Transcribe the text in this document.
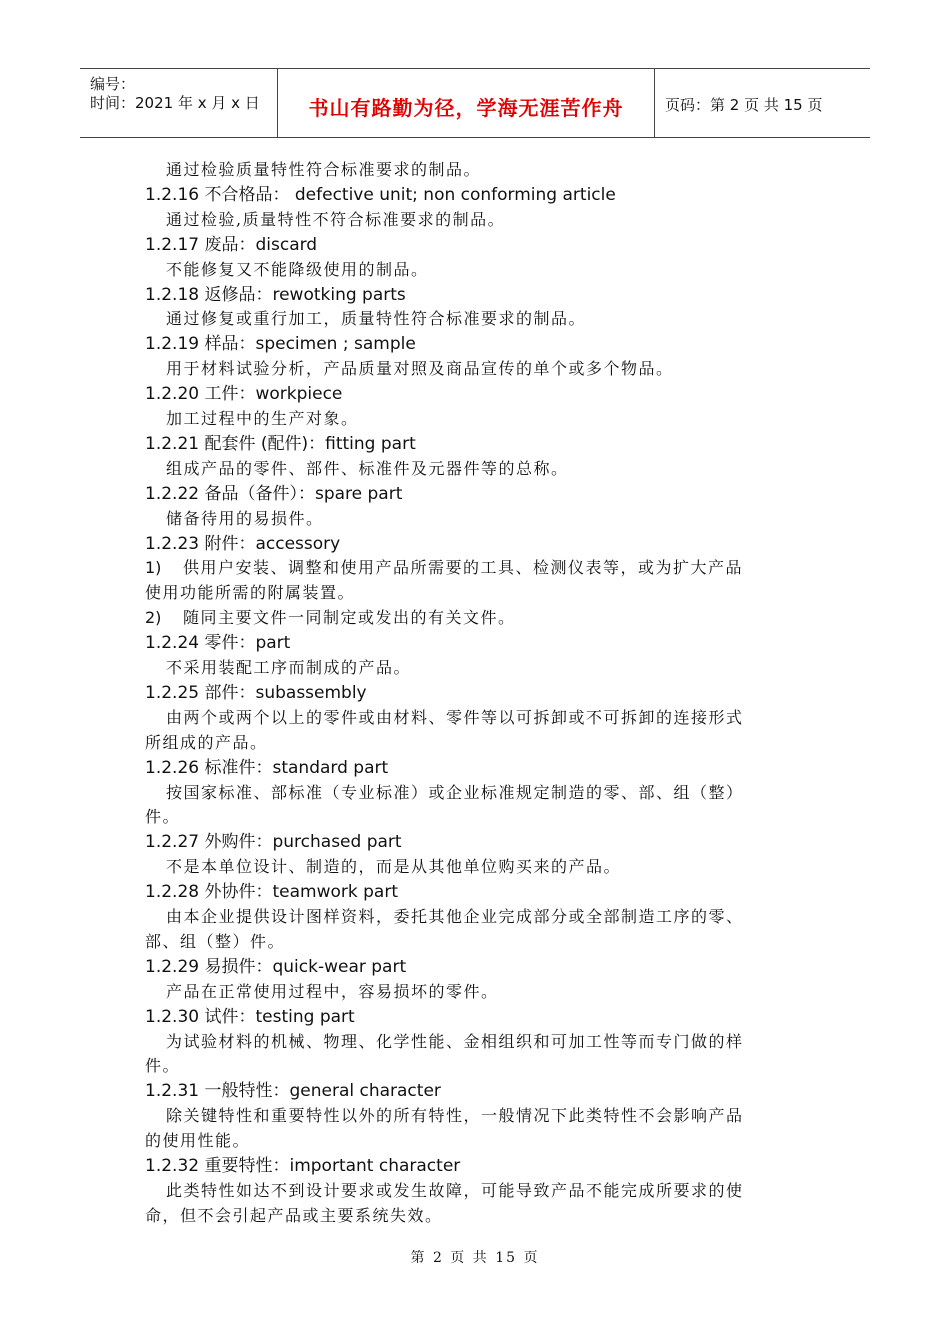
编号：
时间：2021 年 x 月 x 日	书山有路勤为径，学海无涯苦作舟	页码：第 2 页 共 15 页
通过检验质量特性符合标准要求的制品。
1.2.16 不合格品： defective unit; non conforming article
通过检验,质量特性不符合标准要求的制品。
1.2.17 废品：discard
不能修复又不能降级使用的制品。
1.2.18 返修品：rewotking parts
通过修复或重行加工，质量特性符合标准要求的制品。
1.2.19 样品：specimen ; sample
用于材料试验分析，产品质量对照及商品宣传的单个或多个物品。
1.2.20 工件：workpiece
加工过程中的生产对象。
1.2.21 配套件 (配件)：fitting part
组成产品的零件、部件、标准件及元器件等的总称。
1.2.22 备品（备件）：spare part
储备待用的易损件。
1.2.23 附件：accessory
1) 供用户安装、调整和使用产品所需要的工具、检测仪表等，或为扩大产品
使用功能所需的附属装置。
2) 随同主要文件一同制定或发出的有关文件。
1.2.24 零件：part
不采用装配工序而制成的产品。
1.2.25 部件：subassembly
由两个或两个以上的零件或由材料、零件等以可拆卸或不可拆卸的连接形式
所组成的产品。
1.2.26 标准件：standard part
按国家标准、部标准（专业标准）或企业标准规定制造的零、部、组（整）
件。
1.2.27 外购件：purchased part
不是本单位设计、制造的，而是从其他单位购买来的产品。
1.2.28 外协件：teamwork part
由本企业提供设计图样资料，委托其他企业完成部分或全部制造工序的零、
部、组（整）件。
1.2.29 易损件：quick-wear part
产品在正常使用过程中，容易损坏的零件。
1.2.30 试件：testing part
为试验材料的机械、物理、化学性能、金相组织和可加工性等而专门做的样
件。
1.2.31 一般特性：general character
除关键特性和重要特性以外的所有特性，一般情况下此类特性不会影响产品
的使用性能。
1.2.32 重要特性：important character
此类特性如达不到设计要求或发生故障，可能导致产品不能完成所要求的使
命，但不会引起产品或主要系统失效。
第 2 页 共 15 页
